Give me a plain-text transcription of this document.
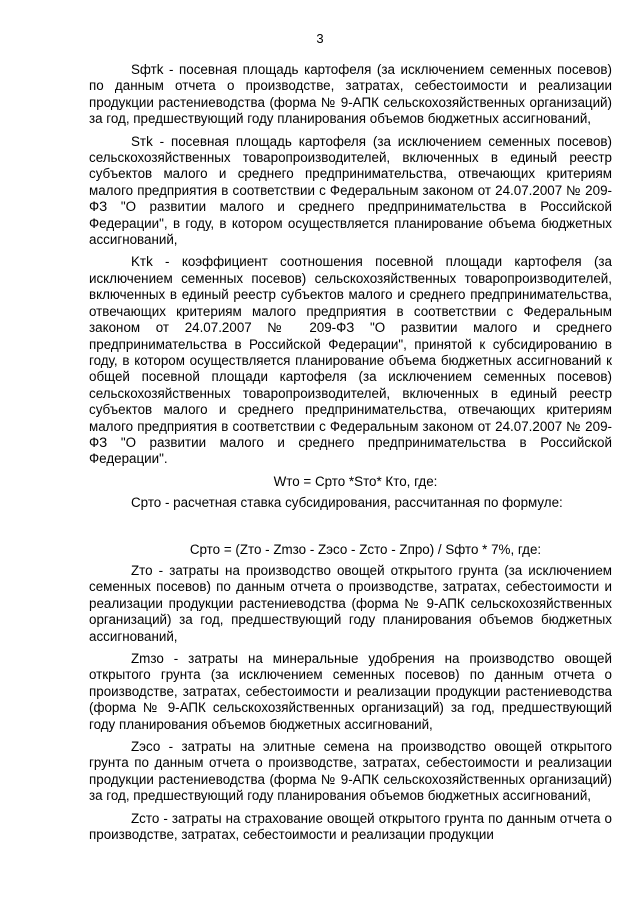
3

Sфтk - посевная площадь картофеля (за исключением семенных посевов) по данным отчета о производстве, затратах, себестоимости и реализации продукции растениеводства (форма № 9-АПК сельскохозяйственных организаций) за год, предшествующий году планирования объемов бюджетных ассигнований,

Sтk - посевная площадь картофеля (за исключением семенных посевов) сельскохозяйственных товаропроизводителей, включенных в единый реестр субъектов малого и среднего предпринимательства, отвечающих критериям малого предприятия в соответствии с Федеральным законом от 24.07.2007 № 209-ФЗ "О развитии малого и среднего предпринимательства в Российской Федерации", в году, в котором осуществляется планирование объема бюджетных ассигнований,

Kтk - коэффициент соотношения посевной площади картофеля (за исключением семенных посевов) сельскохозяйственных товаропроизводителей, включенных в единый реестр субъектов малого и среднего предпринимательства, отвечающих критериям малого предприятия в соответствии с Федеральным законом от 24.07.2007 № 209-ФЗ "О развитии малого и среднего предпринимательства в Российской Федерации", принятой к субсидированию в году, в котором осуществляется планирование объема бюджетных ассигнований к общей посевной площади картофеля (за исключением семенных посевов) сельскохозяйственных товаропроизводителей, включенных в единый реестр субъектов малого и среднего предпринимательства, отвечающих критериям малого предприятия в соответствии с Федеральным законом от 24.07.2007 № 209-ФЗ "О развитии малого и среднего предпринимательства в Российской Федерации".

Wто = Срто *Sто* Кто, где:

Срто - расчетная ставка субсидирования, рассчитанная по формуле:

Срто = (Zто - Zmзо - Zэсо - Zсто - Zпро) / Sфто * 7%, где:

Zто - затраты на производство овощей открытого грунта (за исключением семенных посевов) по данным отчета о производстве, затратах, себестоимости и реализации продукции растениеводства (форма № 9-АПК сельскохозяйственных организаций) за год, предшествующий году планирования объемов бюджетных ассигнований,

Zmзо - затраты на минеральные удобрения на производство овощей открытого грунта (за исключением семенных посевов) по данным отчета о производстве, затратах, себестоимости и реализации продукции растениеводства (форма № 9-АПК сельскохозяйственных организаций) за год, предшествующий году планирования объемов бюджетных ассигнований,

Zэсо - затраты на элитные семена на производство овощей открытого грунта по данным отчета о производстве, затратах, себестоимости и реализации продукции растениеводства (форма № 9-АПК сельскохозяйственных организаций) за год, предшествующий году планирования объемов бюджетных ассигнований,

Zсто - затраты на страхование овощей открытого грунта по данным отчета о производстве, затратах, себестоимости и реализации продукции
